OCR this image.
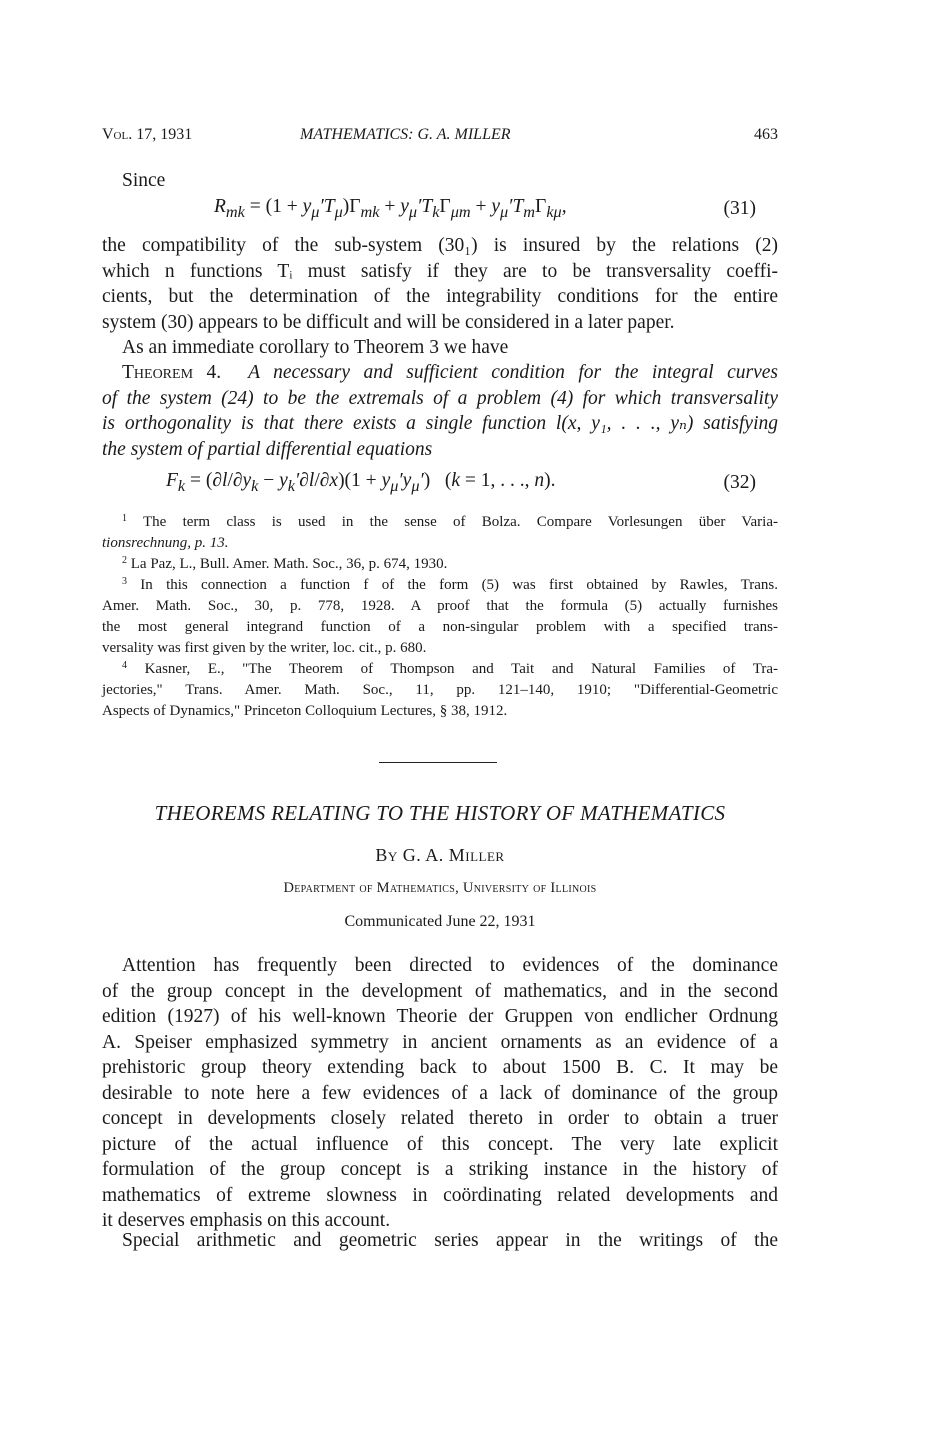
Vol. 17, 1931	MATHEMATICS: G. A. MILLER	463
Since
$R_{mk} = (1 + y_\mu'T_\mu)\Gamma_{mk} + y_\mu'T_k\Gamma_{\mu m} + y_\mu'T_m\Gamma_{k\mu}$,	(31)
the compatibility of the sub-system (30₁) is insured by the relations (2)
which n functions Tᵢ must satisfy if they are to be transversality coeffi-
cients, but the determination of the integrability conditions for the entire
system (30) appears to be difficult and will be considered in a later paper.
As an immediate corollary to Theorem 3 we have
Theorem 4. A necessary and sufficient condition for the integral curves
of the system (24) to be the extremals of a problem (4) for which transversality
is orthogonality is that there exists a single function l(x, y₁, . . ., yₙ) satisfying
the system of partial differential equations
$F_k = (\partial l/\partial y_k - y_k'\partial l/\partial x)(1 + y_\mu'y_\mu') (k = 1$, . . ., n).	(32)
$^1$ The term class is used in the sense of Bolza. Compare Vorlesungen über Varia-
tionsrechnung, p. 13.
$^2$ La Paz, L., Bull. Amer. Math. Soc., 36, p. 674, 1930.
$^3$ In this connection a function f of the form (5) was first obtained by Rawles, Trans.
Amer. Math. Soc., 30, p. 778, 1928. A proof that the formula (5) actually furnishes
the most general integrand function of a non-singular problem with a specified trans-
versality was first given by the writer, loc. cit., p. 680.
$^4$ Kasner, E., "The Theorem of Thompson and Tait and Natural Families of Tra-
jectories," Trans. Amer. Math. Soc., 11, pp. 121–140, 1910; "Differential-Geometric
Aspects of Dynamics," Princeton Colloquium Lectures, § 38, 1912.
THEOREMS RELATING TO THE HISTORY OF MATHEMATICS
By G. A. Miller
Department of Mathematics, University of Illinois
Communicated June 22, 1931
Attention has frequently been directed to evidences of the dominance
of the group concept in the development of mathematics, and in the second
edition (1927) of his well-known Theorie der Gruppen von endlicher Ordnung
A. Speiser emphasized symmetry in ancient ornaments as an evidence of a
prehistoric group theory extending back to about 1500 B. C. It may be
desirable to note here a few evidences of a lack of dominance of the group
concept in developments closely related thereto in order to obtain a truer
picture of the actual influence of this concept. The very late explicit
formulation of the group concept is a striking instance in the history of
mathematics of extreme slowness in coördinating related developments and
it deserves emphasis on this account.
Special arithmetic and geometric series appear in the writings of the
